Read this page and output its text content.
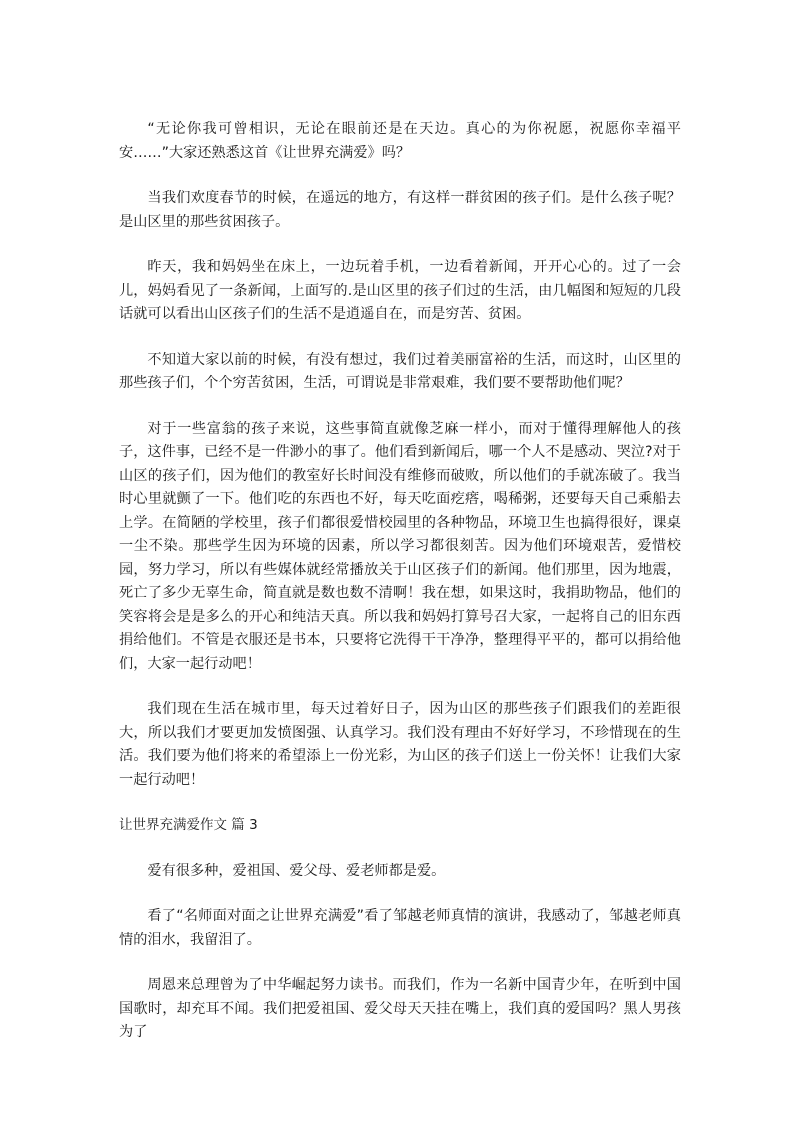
“无论你我可曾相识，无论在眼前还是在天边。真心的为你祝愿，祝愿你幸福平安……”大家还熟悉这首《让世界充满爱》吗？

当我们欢度春节的时候，在遥远的地方，有这样一群贫困的孩子们。是什么孩子呢？是山区里的那些贫困孩子。

昨天，我和妈妈坐在床上，一边玩着手机，一边看着新闻，开开心心的。过了一会儿，妈妈看见了一条新闻，上面写的.是山区里的孩子们过的生活，由几幅图和短短的几段话就可以看出山区孩子们的生活不是逍遥自在，而是穷苦、贫困。

不知道大家以前的时候，有没有想过，我们过着美丽富裕的生活，而这时，山区里的那些孩子们，个个穷苦贫困，生活，可谓说是非常艰难，我们要不要帮助他们呢？

对于一些富翁的孩子来说，这些事简直就像芝麻一样小，而对于懂得理解他人的孩子，这件事，已经不是一件渺小的事了。他们看到新闻后，哪一个人不是感动、哭泣?对于山区的孩子们，因为他们的教室好长时间没有维修而破败，所以他们的手就冻破了。我当时心里就颤了一下。他们吃的东西也不好，每天吃面疙瘩，喝稀粥，还要每天自己乘船去上学。在简陋的学校里，孩子们都很爱惜校园里的各种物品，环境卫生也搞得很好，课桌一尘不染。那些学生因为环境的因素，所以学习都很刻苦。因为他们环境艰苦，爱惜校园，努力学习，所以有些媒体就经常播放关于山区孩子们的新闻。他们那里，因为地震，死亡了多少无辜生命，简直就是数也数不清啊！我在想，如果这时，我捐助物品，他们的笑容将会是是多么的开心和纯洁天真。所以我和妈妈打算号召大家，一起将自己的旧东西捐给他们。不管是衣服还是书本，只要将它洗得干干净净，整理得平平的，都可以捐给他们，大家一起行动吧！

我们现在生活在城市里，每天过着好日子，因为山区的那些孩子们跟我们的差距很大，所以我们才要更加发愤图强、认真学习。我们没有理由不好好学习，不珍惜现在的生活。我们要为他们将来的希望添上一份光彩，为山区的孩子们送上一份关怀！让我们大家一起行动吧！

让世界充满爱作文 篇 3

爱有很多种，爱祖国、爱父母、爱老师都是爱。

看了“名师面对面之让世界充满爱”看了邹越老师真情的演讲，我感动了，邹越老师真情的泪水，我留泪了。

周恩来总理曾为了中华崛起努力读书。而我们，作为一名新中国青少年，在听到中国国歌时，却充耳不闻。我们把爱祖国、爱父母天天挂在嘴上，我们真的爱国吗？黑人男孩为了
